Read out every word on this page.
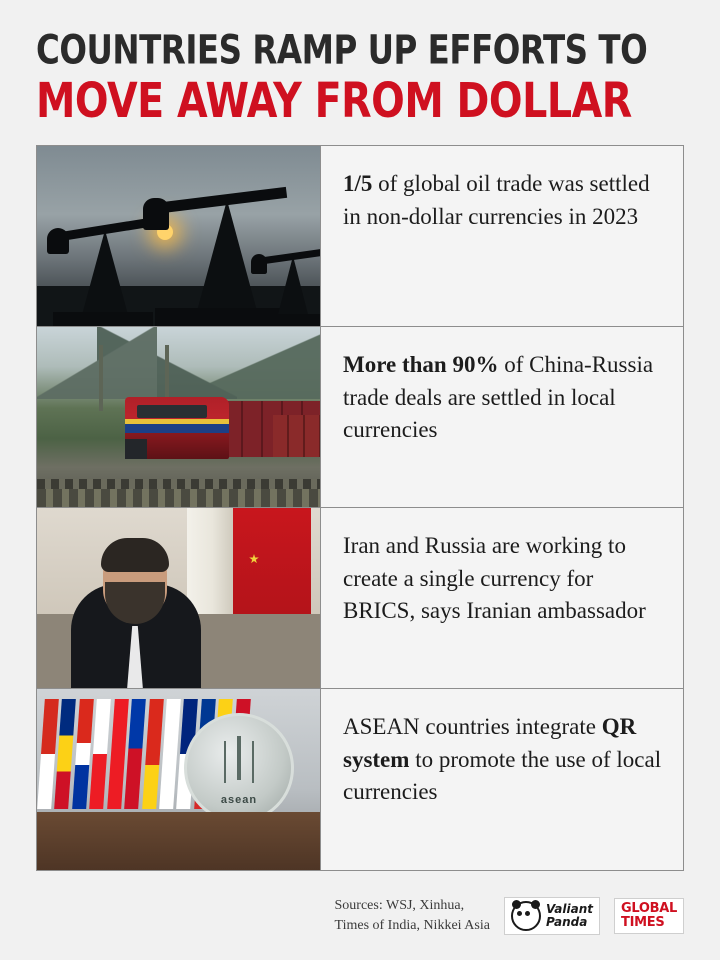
COUNTRIES RAMP UP EFFORTS TO
MOVE AWAY FROM DOLLAR

1/5 of global oil trade was settled in non-dollar currencies in 2023

More than 90% of China-Russia trade deals are settled in local currencies

Iran and Russia are working to create a single currency for BRICS, says Iranian ambassador

asean

ASEAN countries integrate QR system to promote the use of local currencies

Sources: WSJ, Xinhua,
Times of India, Nikkei Asia
Valiant
Panda
GLOBAL
TIMES
